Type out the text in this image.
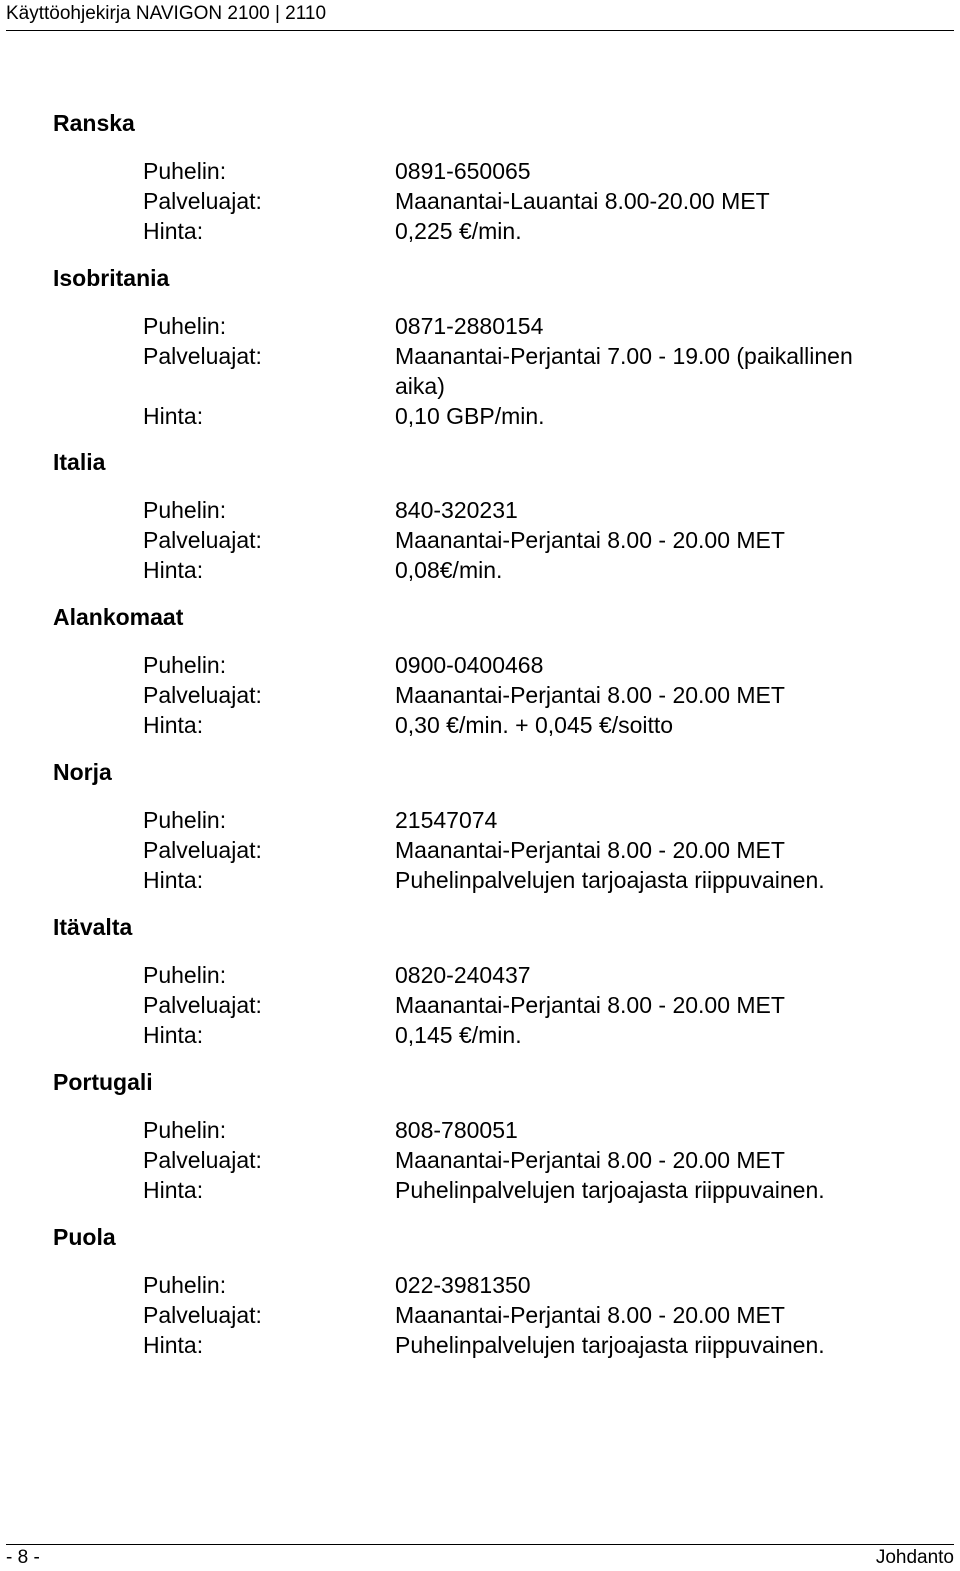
Käyttöohjekirja NAVIGON 2100 | 2110
Ranska
Puhelin:	0891-650065
Palveluajat:	Maanantai-Lauantai 8.00-20.00 MET
Hinta:	0,225 €/min.
Isobritania
Puhelin:	0871-2880154
Palveluajat:	Maanantai-Perjantai 7.00 - 19.00 (paikallinen
aika)
Hinta:	0,10 GBP/min.
Italia
Puhelin:	840-320231
Palveluajat:	Maanantai-Perjantai 8.00 - 20.00 MET
Hinta:	0,08€/min.
Alankomaat
Puhelin:	0900-0400468
Palveluajat:	Maanantai-Perjantai 8.00 - 20.00 MET
Hinta:	0,30 €/min. + 0,045 €/soitto
Norja
Puhelin:	21547074
Palveluajat:	Maanantai-Perjantai 8.00 - 20.00 MET
Hinta:	Puhelinpalvelujen tarjoajasta riippuvainen.
Itävalta
Puhelin:	0820-240437
Palveluajat:	Maanantai-Perjantai 8.00 - 20.00 MET
Hinta:	0,145 €/min.
Portugali
Puhelin:	808-780051
Palveluajat:	Maanantai-Perjantai 8.00 - 20.00 MET
Hinta:	Puhelinpalvelujen tarjoajasta riippuvainen.
Puola
Puhelin:	022-3981350
Palveluajat:	Maanantai-Perjantai 8.00 - 20.00 MET
Hinta:	Puhelinpalvelujen tarjoajasta riippuvainen.
- 8 -	Johdanto
